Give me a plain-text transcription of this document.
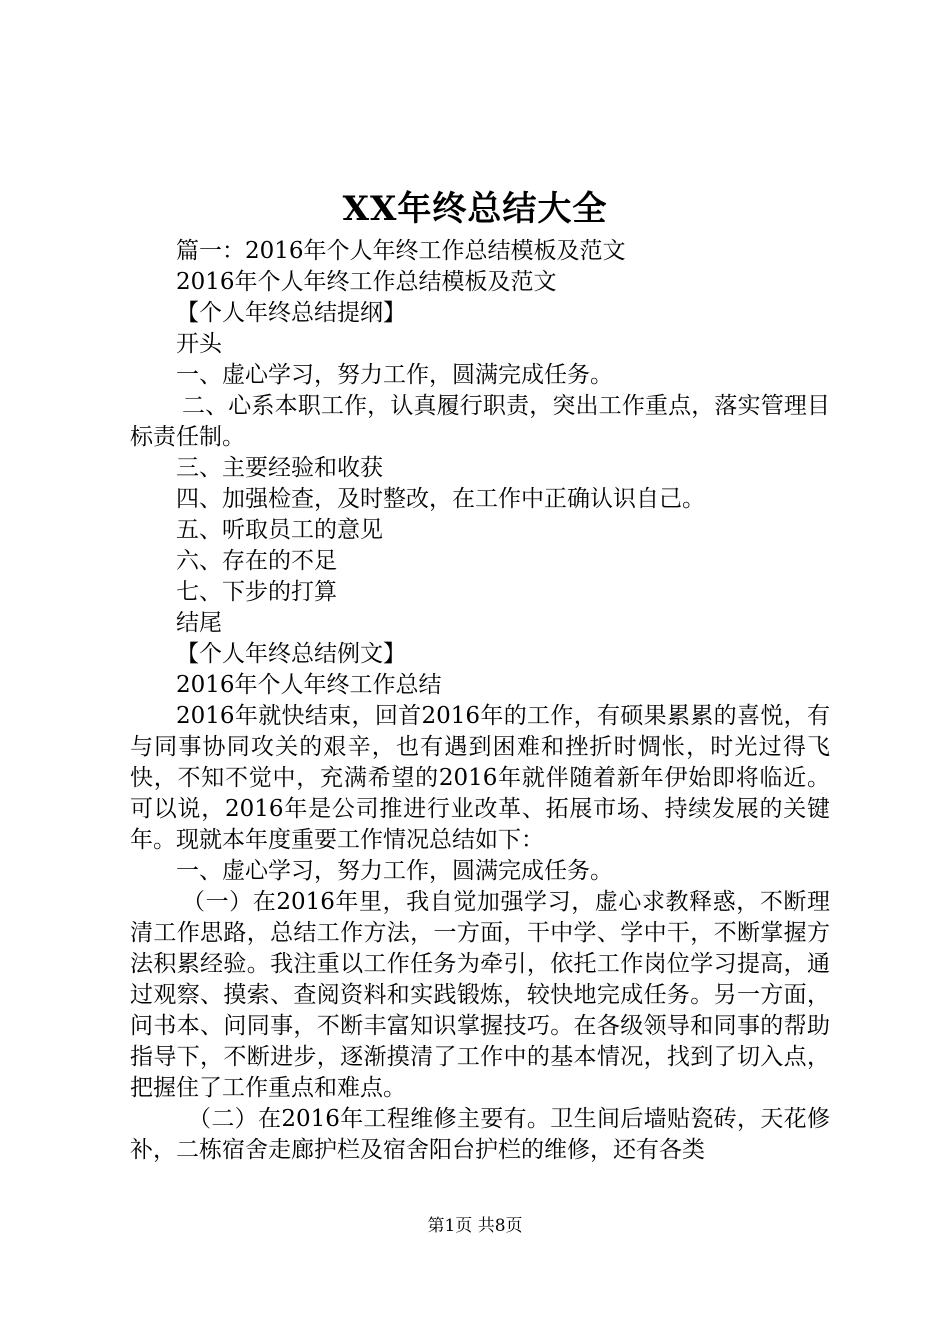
XX年终总结大全

篇一：2016年个人年终工作总结模板及范文

2016年个人年终工作总结模板及范文

【个人年终总结提纲】

开头

一、虚心学习，努力工作，圆满完成任务。

二、心系本职工作，认真履行职责，突出工作重点，落实管理目标责任制。

三、主要经验和收获

四、加强检查，及时整改，在工作中正确认识自己。

五、听取员工的意见

六、存在的不足

七、下步的打算

结尾

【个人年终总结例文】

2016年个人年终工作总结

2016年就快结束，回首2016年的工作，有硕果累累的喜悦，有与同事协同攻关的艰辛，也有遇到困难和挫折时惆怅，时光过得飞快，不知不觉中，充满希望的2016年就伴随着新年伊始即将临近。可以说，2016年是公司推进行业改革、拓展市场、持续发展的关键年。现就本年度重要工作情况总结如下：

一、虚心学习，努力工作，圆满完成任务。

（一）在2016年里，我自觉加强学习，虚心求教释惑，不断理清工作思路，总结工作方法，一方面，干中学、学中干，不断掌握方法积累经验。我注重以工作任务为牵引，依托工作岗位学习提高，通过观察、摸索、查阅资料和实践锻炼，较快地完成任务。另一方面，问书本、问同事，不断丰富知识掌握技巧。在各级领导和同事的帮助指导下，不断进步，逐渐摸清了工作中的基本情况，找到了切入点，把握住了工作重点和难点。

（二）在2016年工程维修主要有。卫生间后墙贴瓷砖，天花修补，二栋宿舍走廊护栏及宿舍阳台护栏的维修，还有各类

第1页 共8页
